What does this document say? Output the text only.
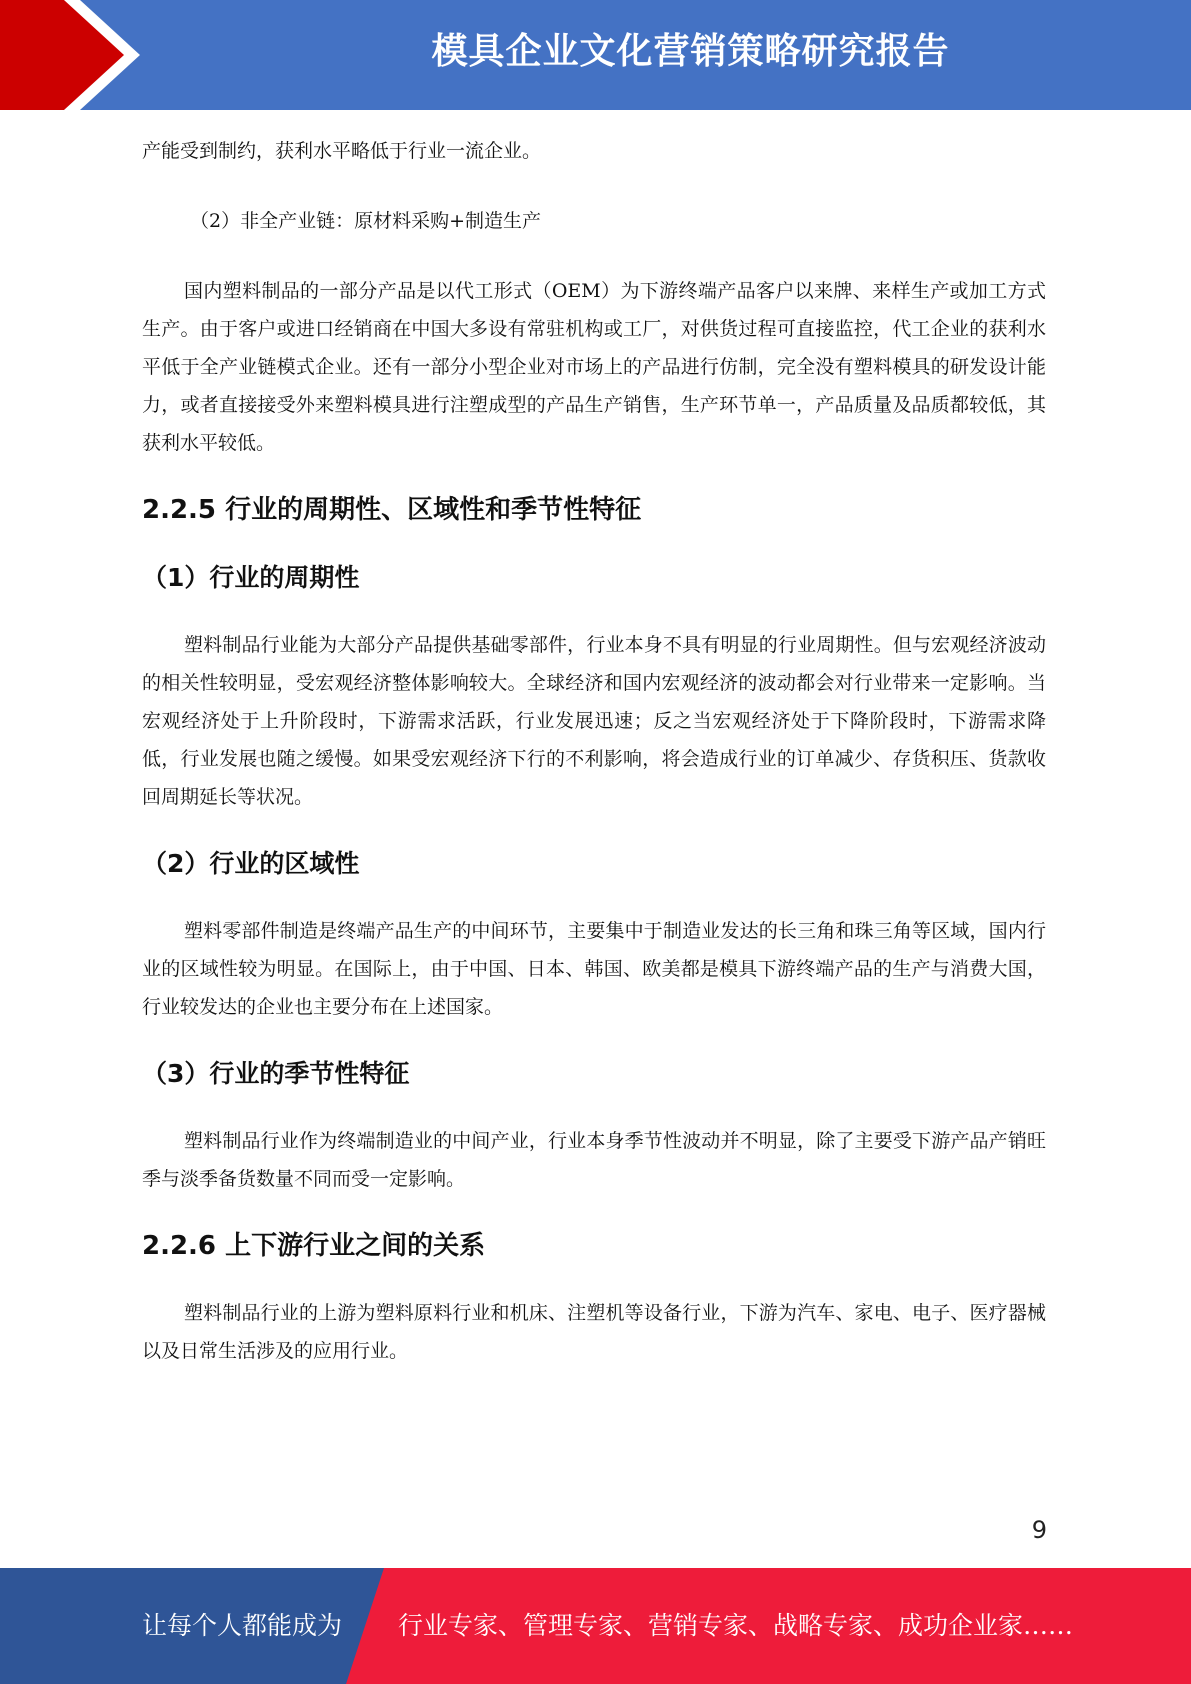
模具企业文化营销策略研究报告

产能受到制约，获利水平略低于行业一流企业。

（2）非全产业链：原材料采购+制造生产

国内塑料制品的一部分产品是以代工形式（OEM）为下游终端产品客户以来牌、来样生产或加工方式生产。由于客户或进口经销商在中国大多设有常驻机构或工厂，对供货过程可直接监控，代工企业的获利水平低于全产业链模式企业。还有一部分小型企业对市场上的产品进行仿制，完全没有塑料模具的研发设计能力，或者直接接受外来塑料模具进行注塑成型的产品生产销售，生产环节单一，产品质量及品质都较低，其获利水平较低。

2.2.5 行业的周期性、区域性和季节性特征
（1）行业的周期性

塑料制品行业能为大部分产品提供基础零部件，行业本身不具有明显的行业周期性。但与宏观经济波动的相关性较明显，受宏观经济整体影响较大。全球经济和国内宏观经济的波动都会对行业带来一定影响。当宏观经济处于上升阶段时，下游需求活跃，行业发展迅速；反之当宏观经济处于下降阶段时，下游需求降低，行业发展也随之缓慢。如果受宏观经济下行的不利影响，将会造成行业的订单减少、存货积压、货款收回周期延长等状况。

（2）行业的区域性

塑料零部件制造是终端产品生产的中间环节，主要集中于制造业发达的长三角和珠三角等区域，国内行业的区域性较为明显。在国际上，由于中国、日本、韩国、欧美都是模具下游终端产品的生产与消费大国，行业较发达的企业也主要分布在上述国家。

（3）行业的季节性特征

塑料制品行业作为终端制造业的中间产业，行业本身季节性波动并不明显，除了主要受下游产品产销旺季与淡季备货数量不同而受一定影响。

2.2.6 上下游行业之间的关系

塑料制品行业的上游为塑料原料行业和机床、注塑机等设备行业，下游为汽车、家电、电子、医疗器械以及日常生活涉及的应用行业。

9
让每个人都能成为 行业专家、管理专家、营销专家、战略专家、成功企业家……
